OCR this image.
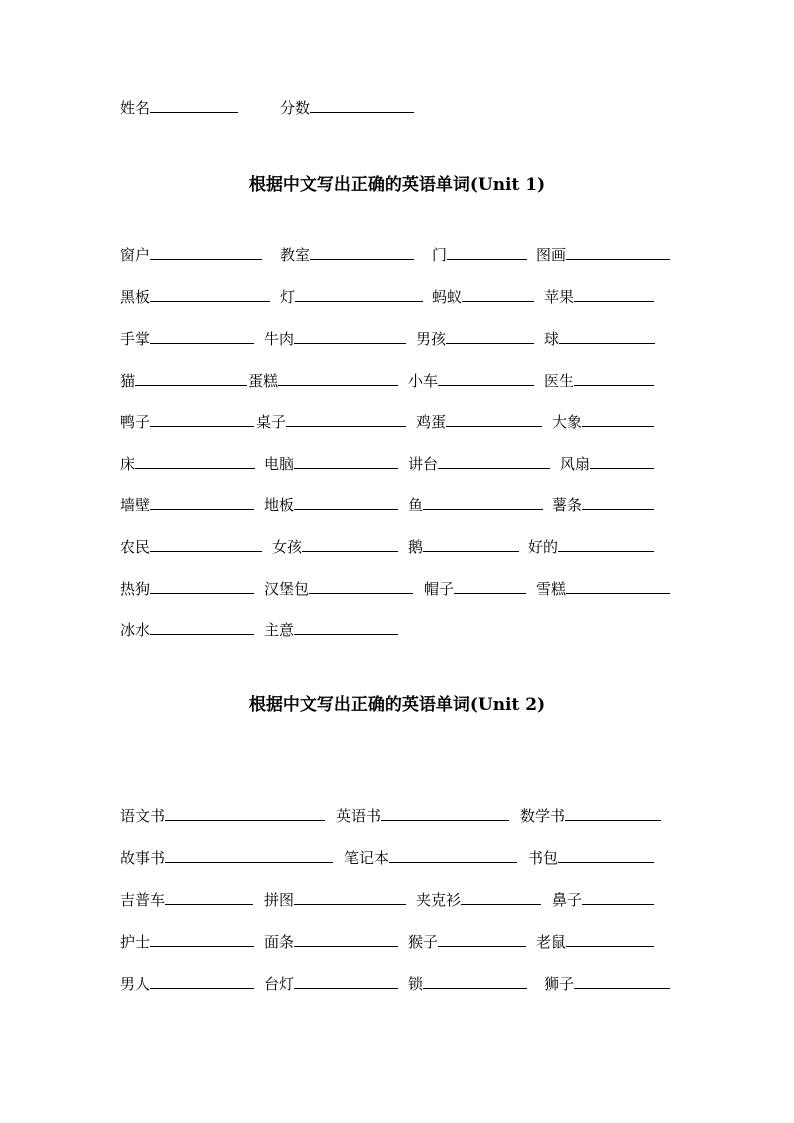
姓名	分数
根据中文写出正确的英语单词(Unit 1)
窗户	教室	门	图画
黑板	灯	蚂蚁	苹果
手掌	牛肉	男孩	球
猫	蛋糕	小车	医生
鸭子	桌子	鸡蛋	大象
床	电脑	讲台	风扇
墙壁	地板	鱼	薯条
农民	女孩	鹅	好的
热狗	汉堡包	帽子	雪糕
冰水	主意
根据中文写出正确的英语单词(Unit 2)
语文书	英语书	数学书
故事书	笔记本	书包
吉普车	拼图	夹克衫	鼻子
护士	面条	猴子	老鼠
男人	台灯	锁	狮子
